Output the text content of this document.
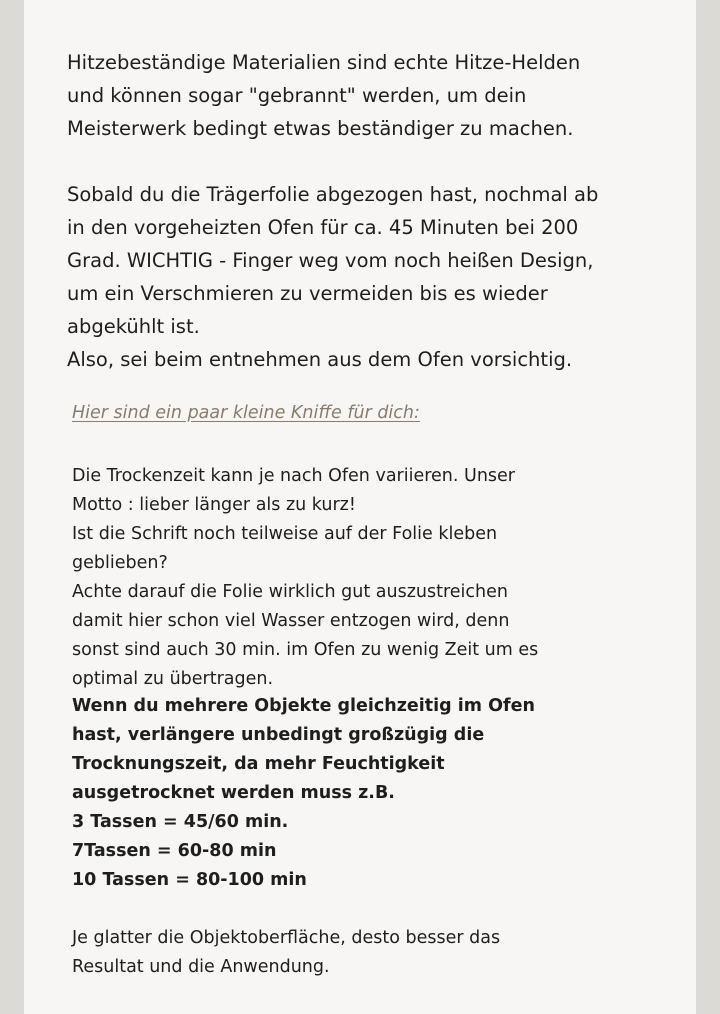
Hitzebeständige Materialien sind echte Hitze-Helden
und können sogar "gebrannt" werden, um dein
Meisterwerk bedingt etwas beständiger zu machen.
Sobald du die Trägerfolie abgezogen hast, nochmal ab
in den vorgeheizten Ofen für ca. 45 Minuten bei 200
Grad. WICHTIG - Finger weg vom noch heißen Design,
um ein Verschmieren zu vermeiden bis es wieder
abgekühlt ist.
Also, sei beim entnehmen aus dem Ofen vorsichtig.
Hier sind ein paar kleine Kniffe für dich:
Die Trockenzeit kann je nach Ofen variieren. Unser
Motto : lieber länger als zu kurz!
Ist die Schrift noch teilweise auf der Folie kleben
geblieben?
Achte darauf die Folie wirklich gut auszustreichen
damit hier schon viel Wasser entzogen wird, denn
sonst sind auch 30 min. im Ofen zu wenig Zeit um es
optimal zu übertragen.
Wenn du mehrere Objekte gleichzeitig im Ofen
hast, verlängere unbedingt großzügig die
Trocknungszeit, da mehr Feuchtigkeit
ausgetrocknet werden muss z.B.
3 Tassen = 45/60 min.
7Tassen = 60-80 min
10 Tassen = 80-100 min
Je glatter die Objektoberfläche, desto besser das
Resultat und die Anwendung.
